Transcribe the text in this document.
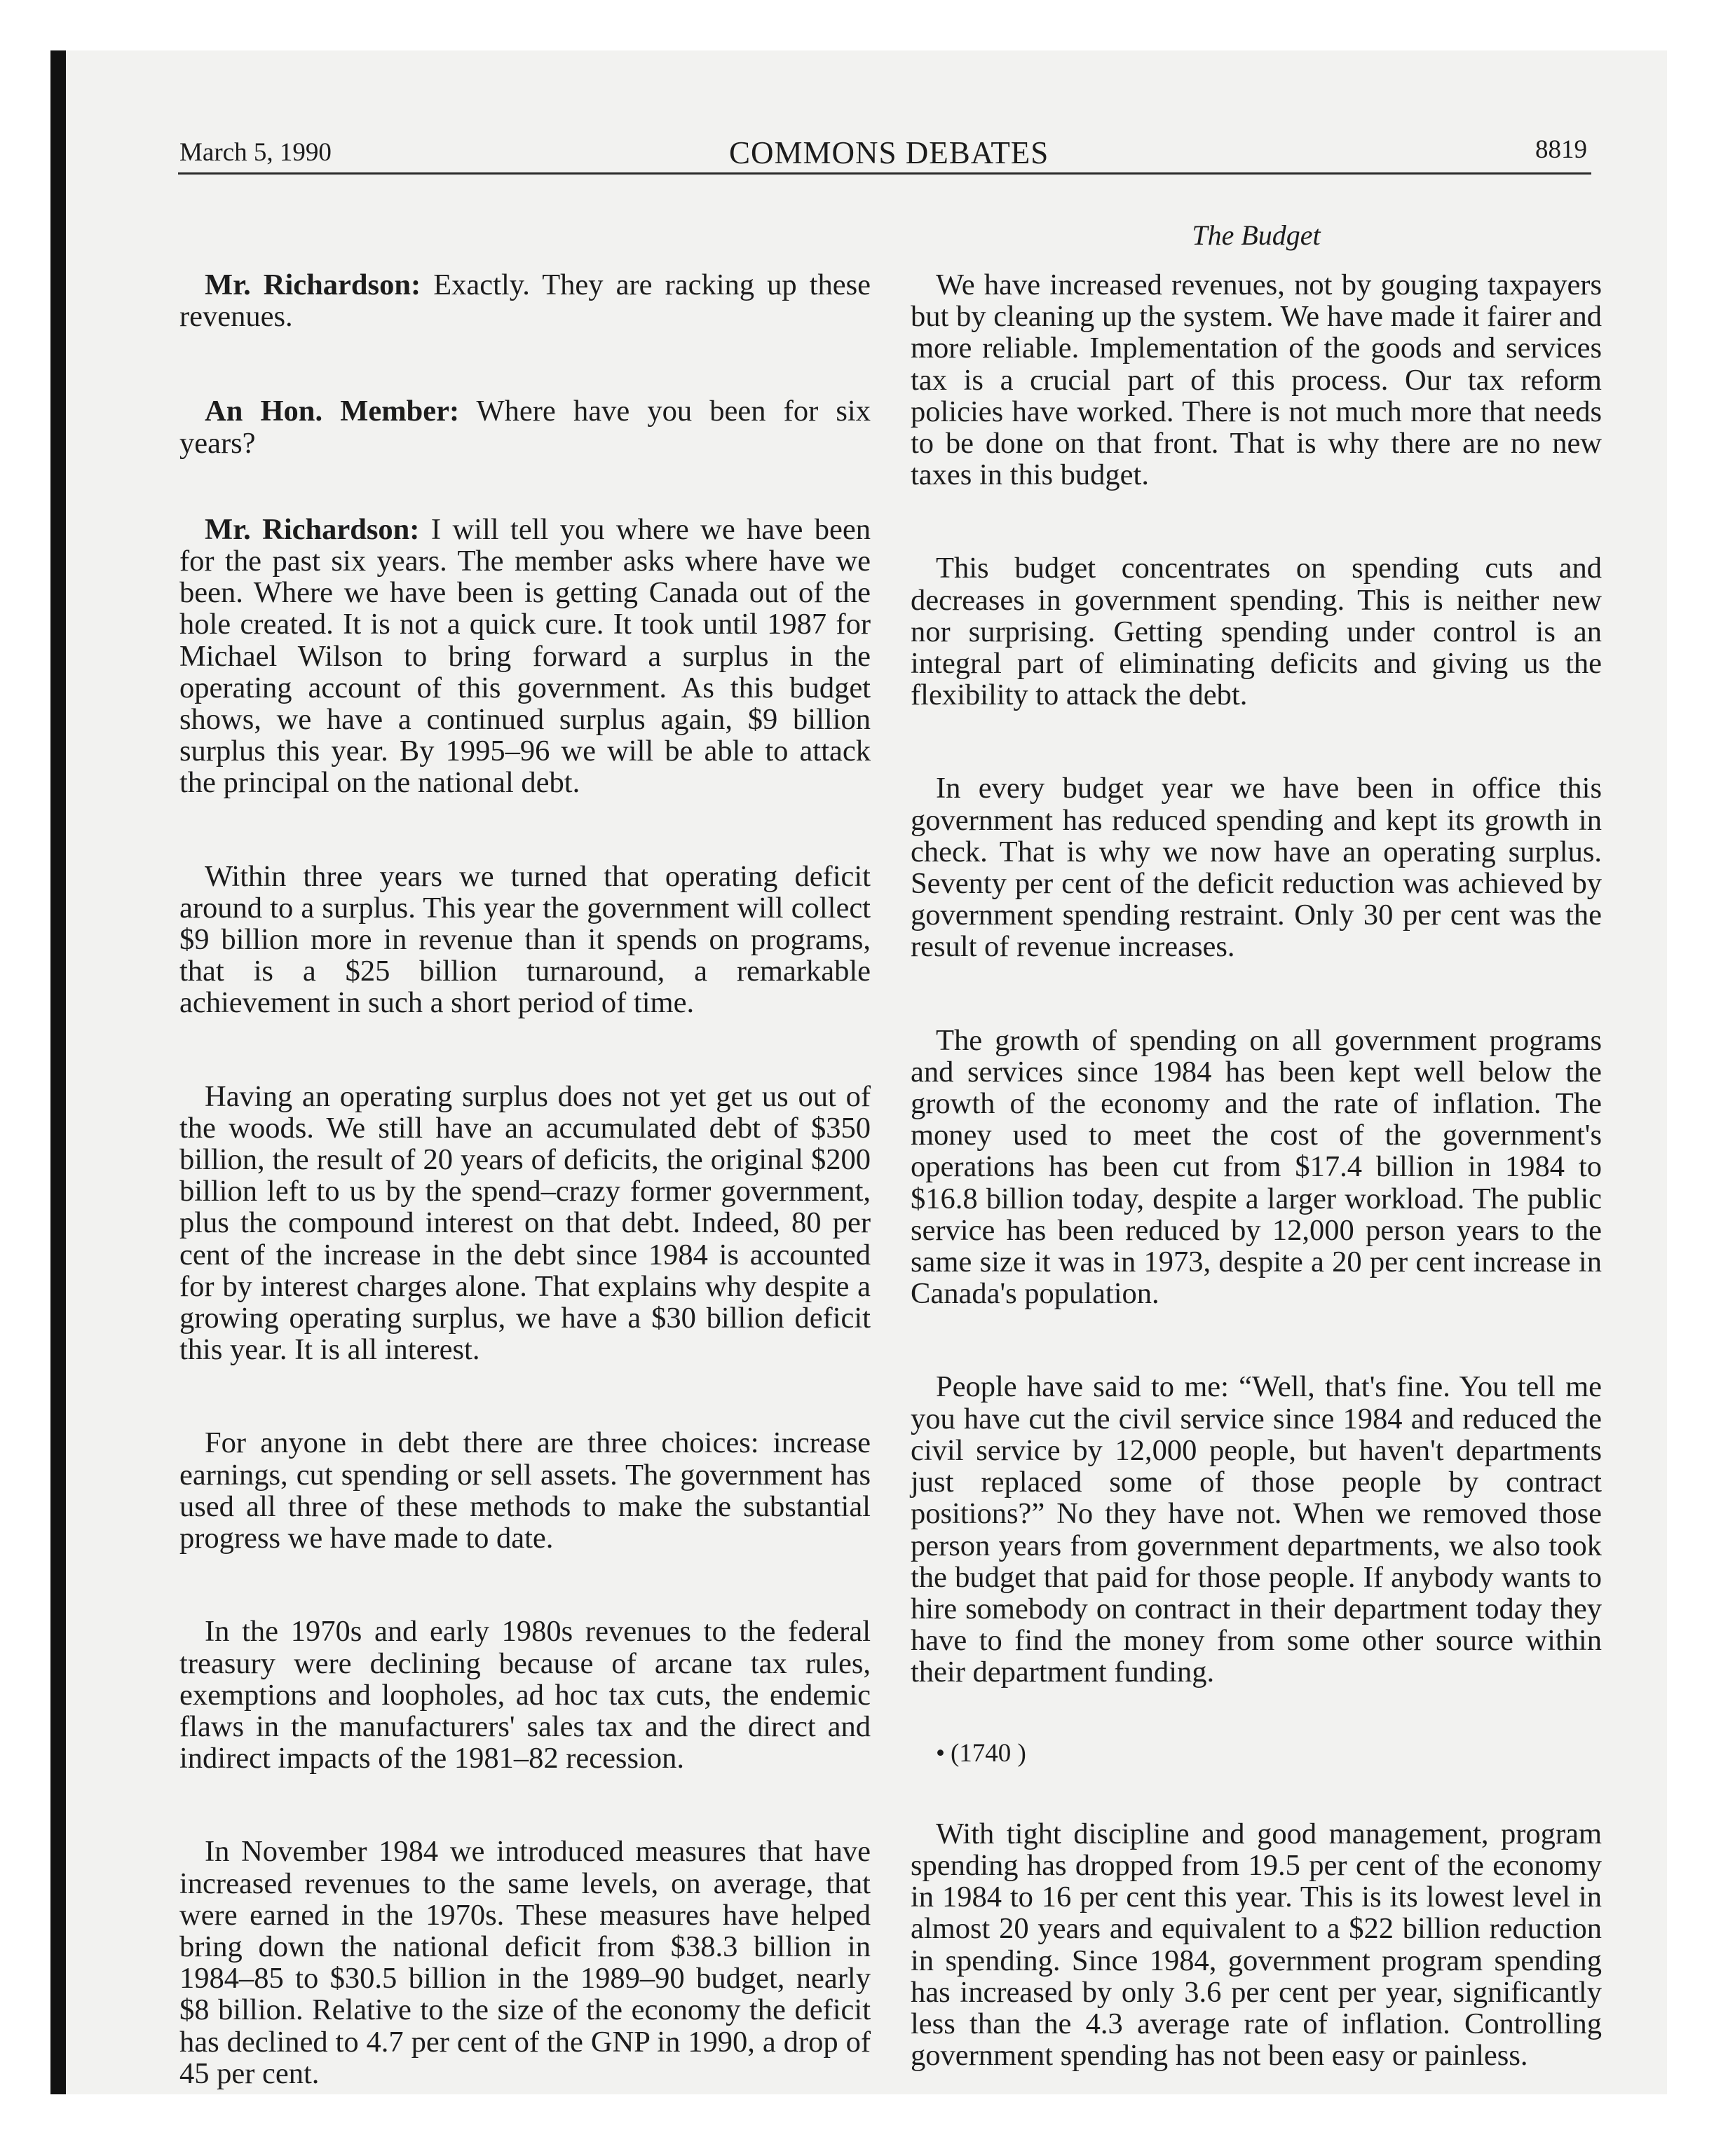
March 5, 1990	COMMONS DEBATES	8819
The Budget

Mr. Richardson: Exactly. They are racking up these revenues.

An Hon. Member: Where have you been for six years?

Mr. Richardson: I will tell you where we have been for the past six years. The member asks where have we been. Where we have been is getting Canada out of the hole created. It is not a quick cure. It took until 1987 for Michael Wilson to bring forward a surplus in the operating account of this government. As this budget shows, we have a continued surplus again, $9 billion surplus this year. By 1995–96 we will be able to attack the principal on the national debt.

Within three years we turned that operating deficit around to a surplus. This year the government will collect $9 billion more in revenue than it spends on programs, that is a $25 billion turnaround, a remarkable achievement in such a short period of time.

Having an operating surplus does not yet get us out of the woods. We still have an accumulated debt of $350 billion, the result of 20 years of deficits, the original $200 billion left to us by the spend–crazy former government, plus the compound interest on that debt. Indeed, 80 per cent of the increase in the debt since 1984 is accounted for by interest charges alone. That explains why despite a growing operating surplus, we have a $30 billion deficit this year. It is all interest.

For anyone in debt there are three choices: increase earnings, cut spending or sell assets. The government has used all three of these methods to make the substantial progress we have made to date.

In the 1970s and early 1980s revenues to the federal treasury were declining because of arcane tax rules, exemptions and loopholes, ad hoc tax cuts, the endemic flaws in the manufacturers' sales tax and the direct and indirect impacts of the 1981–82 recession.

In November 1984 we introduced measures that have increased revenues to the same levels, on average, that were earned in the 1970s. These measures have helped bring down the national deficit from $38.3 billion in 1984–85 to $30.5 billion in the 1989–90 budget, nearly $8 billion. Relative to the size of the economy the deficit has declined to 4.7 per cent of the GNP in 1990, a drop of 45 per cent.

We have increased revenues, not by gouging taxpayers but by cleaning up the system. We have made it fairer and more reliable. Implementation of the goods and services tax is a crucial part of this process. Our tax reform policies have worked. There is not much more that needs to be done on that front. That is why there are no new taxes in this budget.

This budget concentrates on spending cuts and decreases in government spending. This is neither new nor surprising. Getting spending under control is an integral part of eliminating deficits and giving us the flexibility to attack the debt.

In every budget year we have been in office this government has reduced spending and kept its growth in check. That is why we now have an operating surplus. Seventy per cent of the deficit reduction was achieved by government spending restraint. Only 30 per cent was the result of revenue increases.

The growth of spending on all government programs and services since 1984 has been kept well below the growth of the economy and the rate of inflation. The money used to meet the cost of the government's operations has been cut from $17.4 billion in 1984 to $16.8 billion today, despite a larger workload. The public service has been reduced by 12,000 person years to the same size it was in 1973, despite a 20 per cent increase in Canada's population.

People have said to me: “Well, that's fine. You tell me you have cut the civil service since 1984 and reduced the civil service by 12,000 people, but haven't departments just replaced some of those people by contract positions?” No they have not. When we removed those person years from government departments, we also took the budget that paid for those people. If anybody wants to hire somebody on contract in their department today they have to find the money from some other source within their department funding.

• (1740 )

With tight discipline and good management, program spending has dropped from 19.5 per cent of the economy in 1984 to 16 per cent this year. This is its lowest level in almost 20 years and equivalent to a $22 billion reduction in spending. Since 1984, government program spending has increased by only 3.6 per cent per year, significantly less than the 4.3 average rate of inflation. Controlling government spending has not been easy or painless.
